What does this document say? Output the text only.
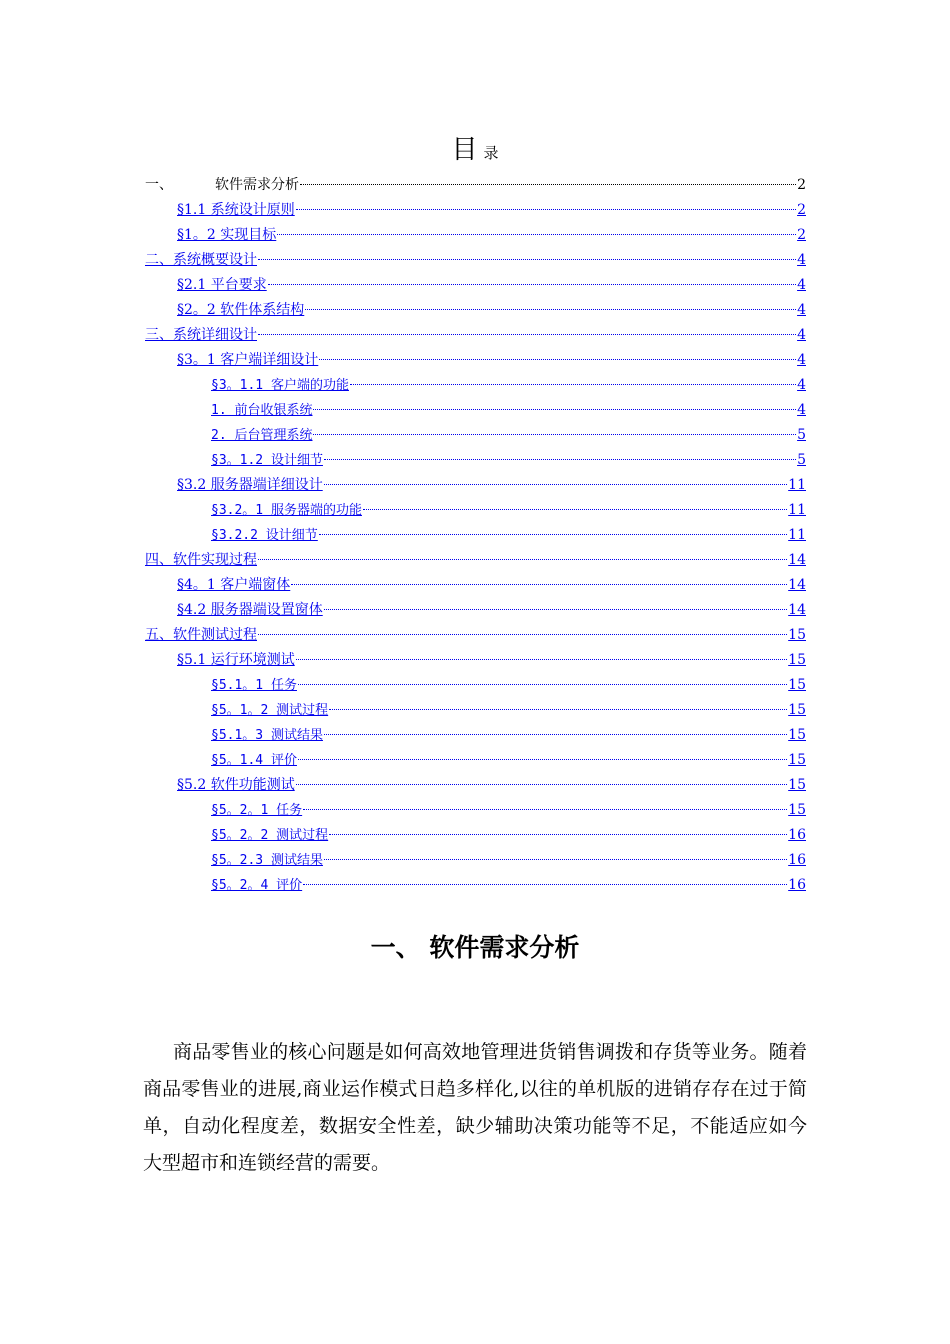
目录
一、	软件需求分析	2
§1.1 系统设计原则	2
§1。2 实现目标	2
二、系统概要设计	4
§2.1 平台要求	4
§2。2 软件体系结构	4
三、系统详细设计	4
§3。1 客户端详细设计	4
§3。1.1 客户端的功能	4
1. 前台收银系统	4
2. 后台管理系统	5
§3。1.2 设计细节	5
§3.2 服务器端详细设计	11
§3.2。1 服务器端的功能	11
§3.2.2 设计细节	11
四、软件实现过程	14
§4。1 客户端窗体	14
§4.2 服务器端设置窗体	14
五、软件测试过程	15
§5.1 运行环境测试	15
§5.1。1 任务	15
§5。1。2 测试过程	15
§5.1。3 测试结果	15
§5。1.4 评价	15
§5.2 软件功能测试	15
§5。2。1 任务	15
§5。2。2 测试过程	16
§5。2.3 测试结果	16
§5。2。4 评价	16
一、 软件需求分析

商品零售业的核心问题是如何高效地管理进货销售调拨和存货等业务。随着商品零售业的进展,商业运作模式日趋多样化,以往的单机版的进销存存在过于简单，自动化程度差，数据安全性差，缺少辅助决策功能等不足，不能适应如今大型超市和连锁经营的需要。
